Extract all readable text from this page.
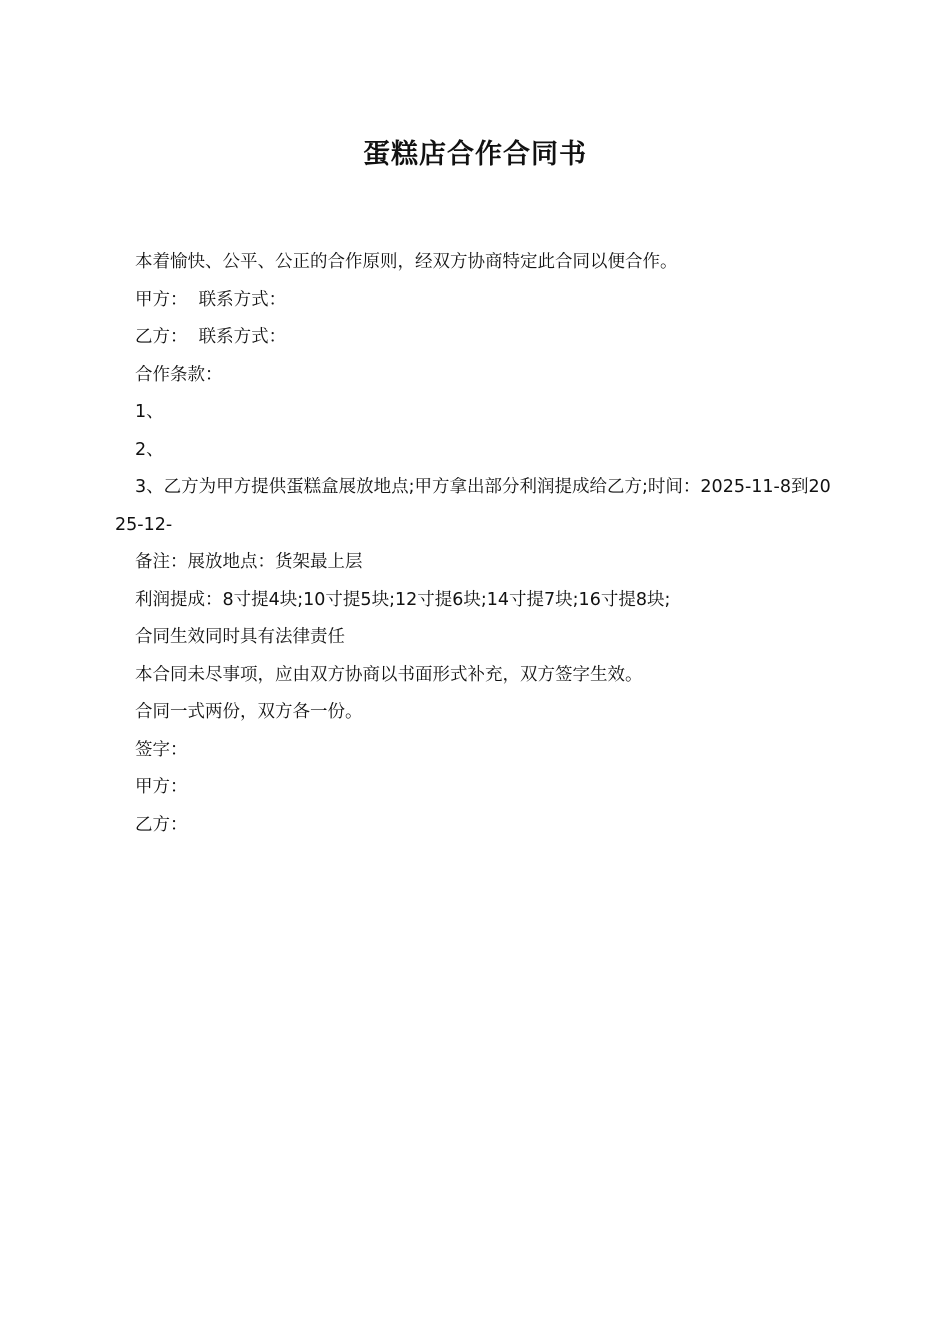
蛋糕店合作合同书

本着愉快、公平、公正的合作原则，经双方协商特定此合同以便合作。

甲方：  联系方式：

乙方：  联系方式：

合作条款：

1、

2、

3、乙方为甲方提供蛋糕盒展放地点;甲方拿出部分利润提成给乙方;时间：2025-11-8到2025-12-

备注：展放地点：货架最上层

利润提成：8寸提4块;10寸提5块;12寸提6块;14寸提7块;16寸提8块;

合同生效同时具有法律责任

本合同未尽事项，应由双方协商以书面形式补充，双方签字生效。

合同一式两份，双方各一份。

签字：

甲方：

乙方：
